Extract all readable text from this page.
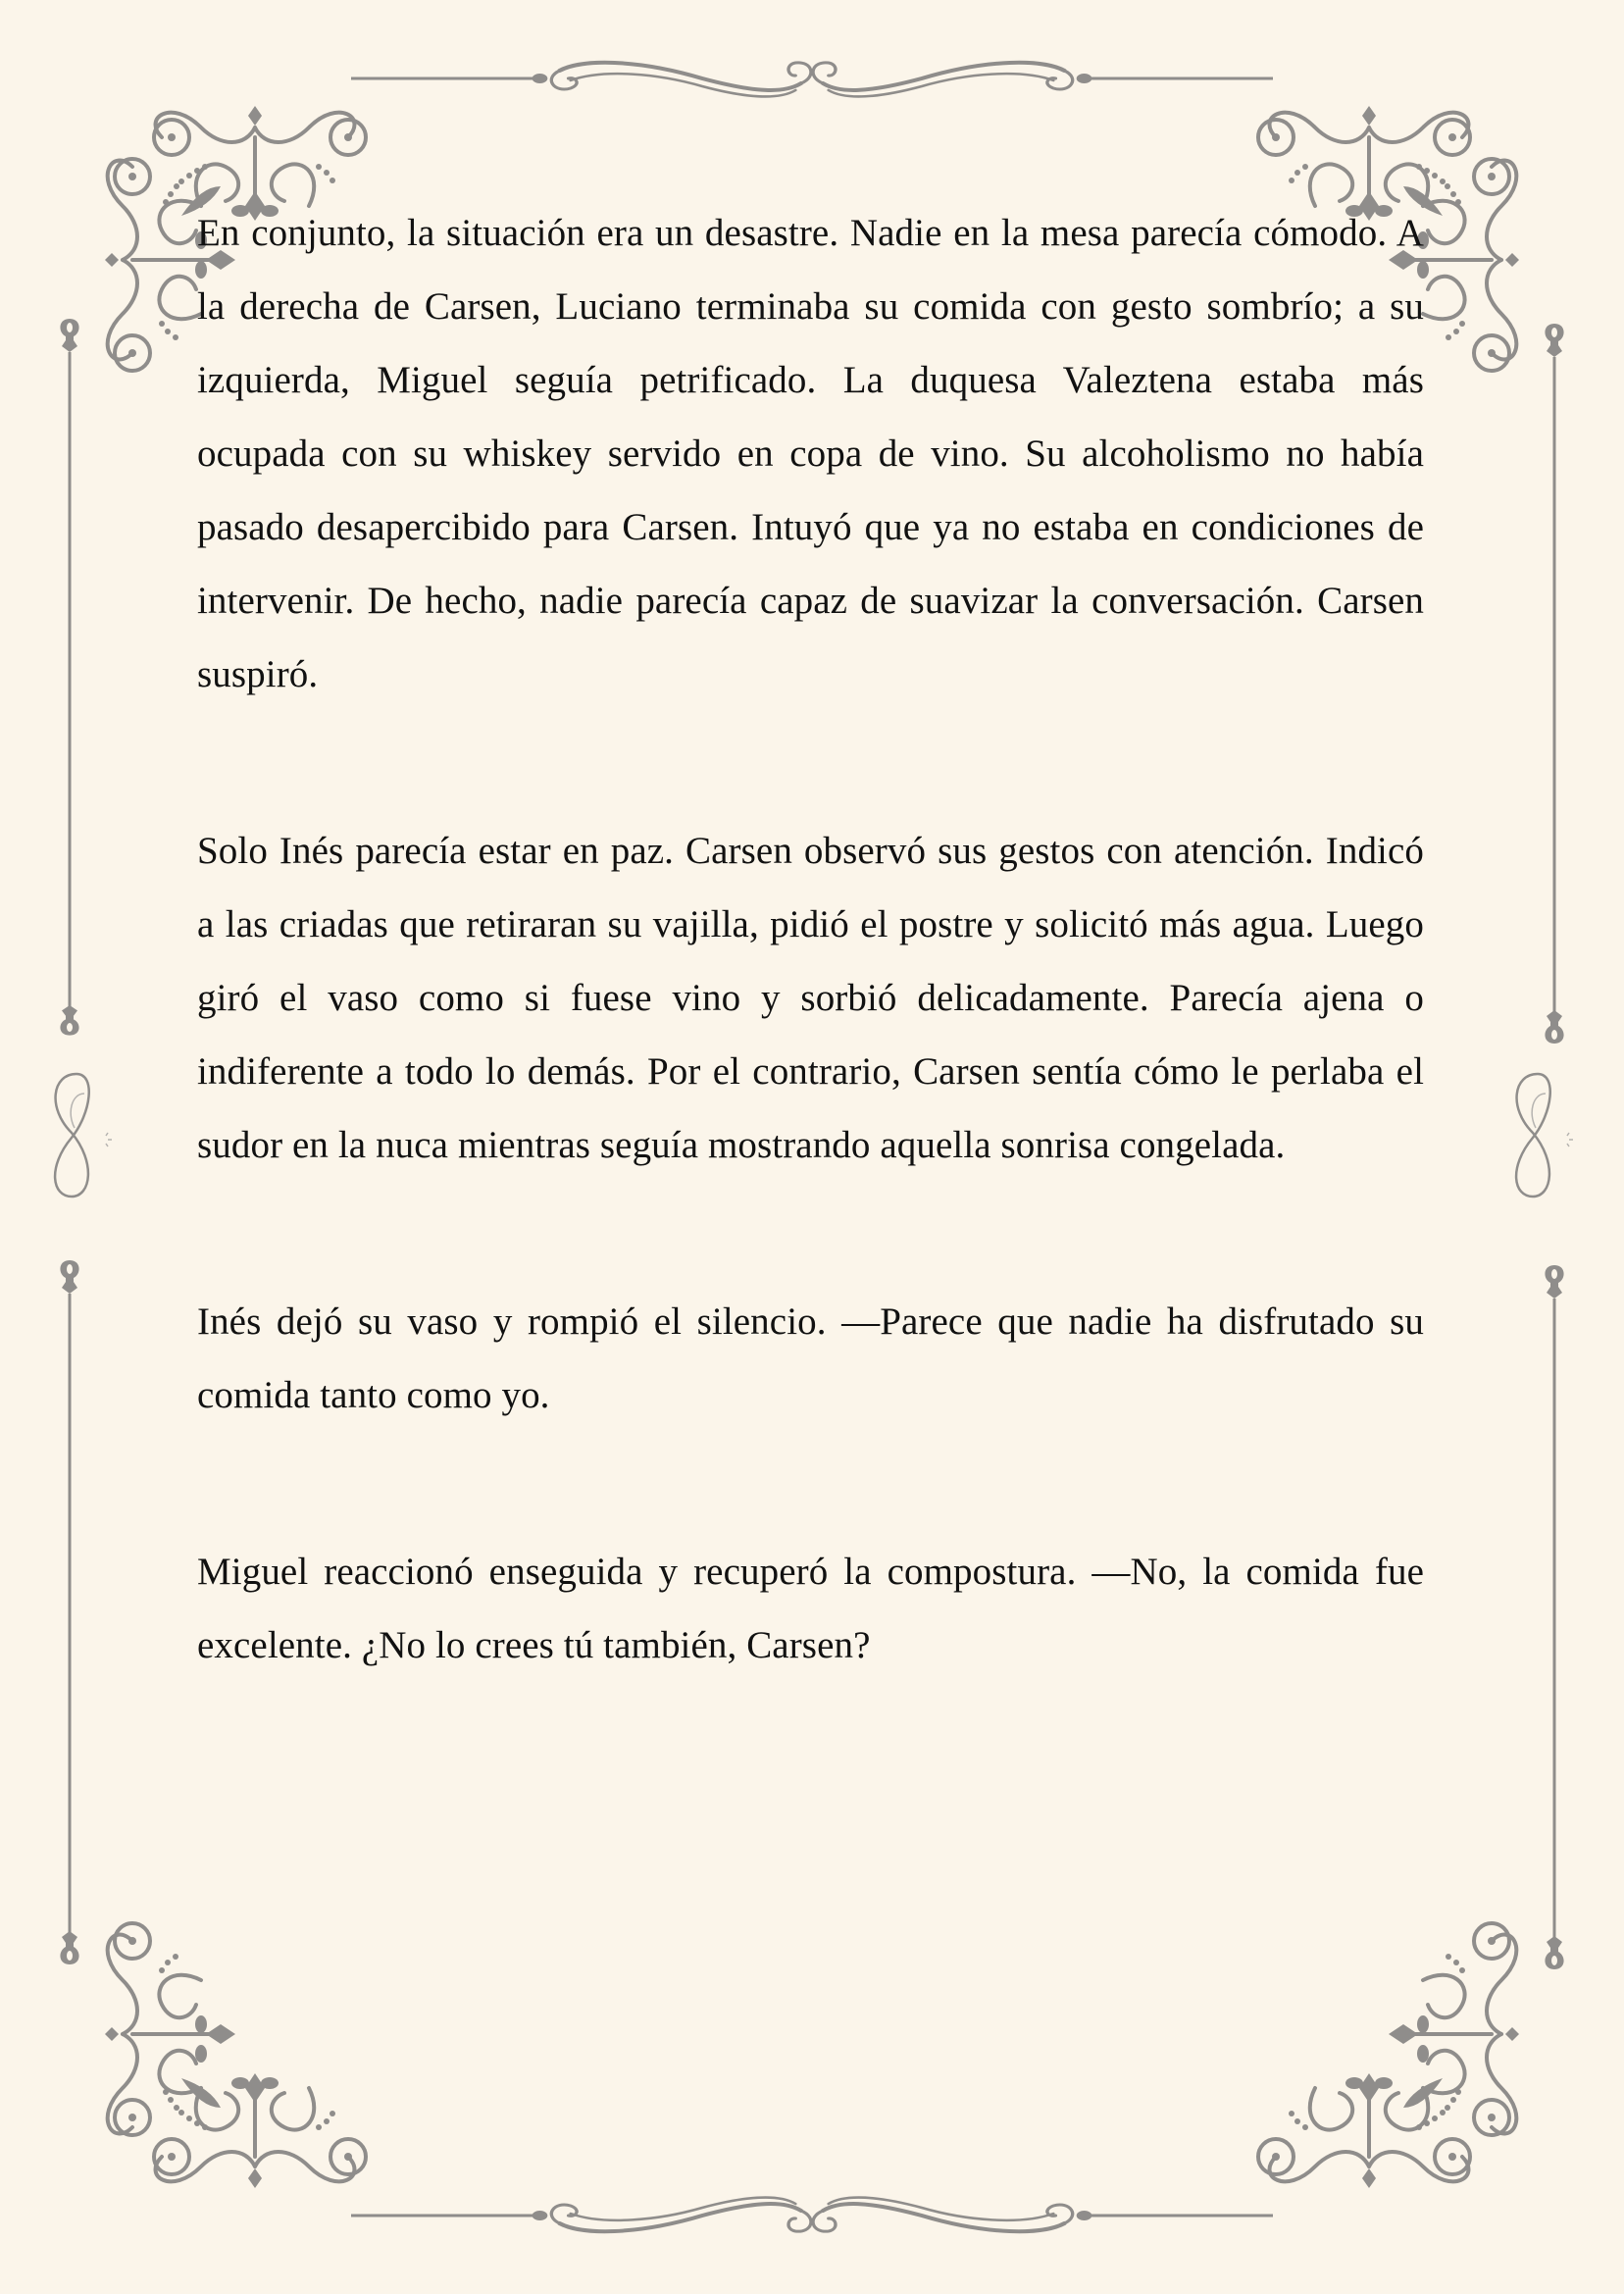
En conjunto, la situación era un desastre. Nadie en la mesa parecía cómodo. A la derecha de Carsen, Luciano terminaba su comida con gesto sombrío; a su izquierda, Miguel seguía petrificado. La duquesa Valeztena estaba más ocupada con su whiskey servido en copa de vino. Su alcoholismo no había pasado desapercibido para Carsen. Intuyó que ya no estaba en condiciones de intervenir. De hecho, nadie parecía capaz de suavizar la conversación. Carsen suspiró.

Solo Inés parecía estar en paz. Carsen observó sus gestos con atención. Indicó a las criadas que retiraran su vajilla, pidió el postre y solicitó más agua. Luego giró el vaso como si fuese vino y sorbió delicadamente. Parecía ajena o indiferente a todo lo demás. Por el contrario, Carsen sentía cómo le perlaba el sudor en la nuca mientras seguía mostrando aquella sonrisa congelada.

Inés dejó su vaso y rompió el silencio. —Parece que nadie ha disfrutado su comida tanto como yo.

Miguel reaccionó enseguida y recuperó la compostura. —No, la comida fue excelente. ¿No lo crees tú también, Carsen?
